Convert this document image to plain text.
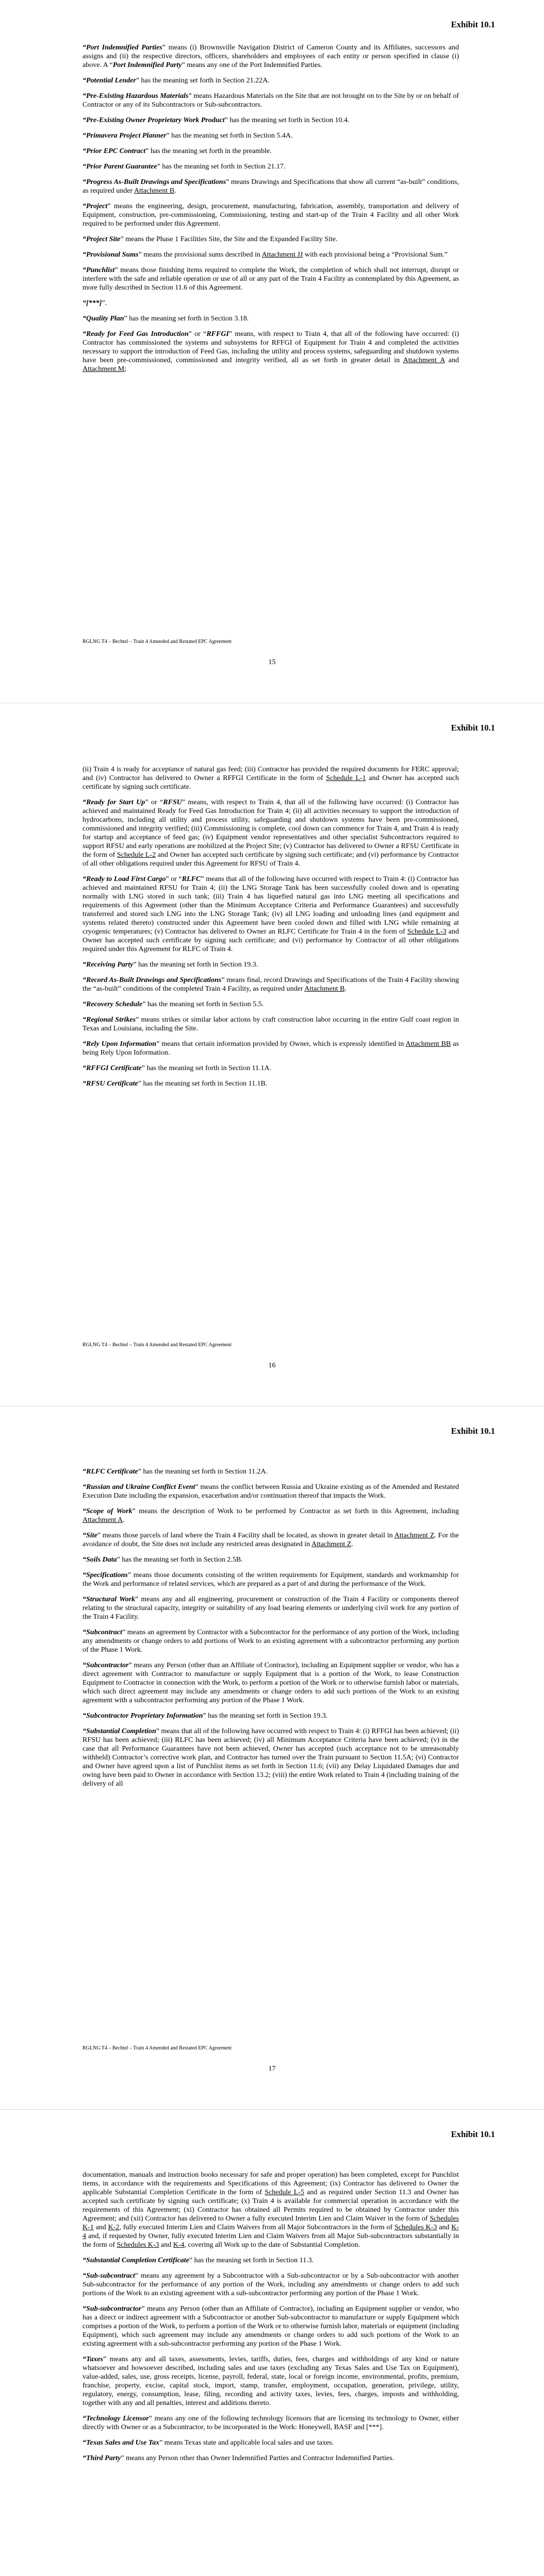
Exhibit 10.1

“Port Indemnified Parties” means (i) Brownsville Navigation District of Cameron County and its Affiliates, successors and assigns and (ii) the respective directors, officers, shareholders and employees of each entity or person specified in clause (i) above. A “Port Indemnified Party” means any one of the Port Indemnified Parties.

“Potential Lender” has the meaning set forth in Section 21.22A.

“Pre-Existing Hazardous Materials” means Hazardous Materials on the Site that are not brought on to the Site by or on behalf of Contractor or any of its Subcontractors or Sub-subcontractors.

“Pre-Existing Owner Proprietary Work Product” has the meaning set forth in Section 10.4.

“Primavera Project Planner” has the meaning set forth in Section 5.4A.

“Prior EPC Contract” has the meaning set forth in the preamble.

“Prior Parent Guarantee” has the meaning set forth in Section 21.17.

“Progress As-Built Drawings and Specifications” means Drawings and Specifications that show all current “as-built” conditions, as required under Attachment B.

“Project” means the engineering, design, procurement, manufacturing, fabrication, assembly, transportation and delivery of Equipment, construction, pre-commissioning, Commissioning, testing and start-up of the Train 4 Facility and all other Work required to be performed under this Agreement.

“Project Site” means the Phase 1 Facilities Site, the Site and the Expanded Facility Site.

“Provisional Sums” means the provisional sums described in Attachment JJ with each provisional being a “Provisional Sum.”

“Punchlist” means those finishing items required to complete the Work, the completion of which shall not interrupt, disrupt or interfere with the safe and reliable operation or use of all or any part of the Train 4 Facility as contemplated by this Agreement, as more fully described in Section 11.6 of this Agreement.

“[***]”.

“Quality Plan” has the meaning set forth in Section 3.18.

“Ready for Feed Gas Introduction” or “RFFGI” means, with respect to Train 4, that all of the following have occurred: (i) Contractor has commissioned the systems and subsystems for RFFGI of Equipment for Train 4 and completed the activities necessary to support the introduction of Feed Gas, including the utility and process systems, safeguarding and shutdown systems have been pre-commissioned, commissioned and integrity verified, all as set forth in greater detail in Attachment A and Attachment M;

RGLNG T4 – Bechtel – Train 4 Amended and Restated EPC Agreement
15
Exhibit 10.1

(ii) Train 4 is ready for acceptance of natural gas feed; (iii) Contractor has provided the required documents for FERC approval; and (iv) Contractor has delivered to Owner a RFFGI Certificate in the form of Schedule L-1 and Owner has accepted such certificate by signing such certificate.

“Ready for Start Up” or “RFSU” means, with respect to Train 4, that all of the following have occurred: (i) Contractor has achieved and maintained Ready for Feed Gas Introduction for Train 4; (ii) all activities necessary to support the introduction of hydrocarbons, including all utility and process utility, safeguarding and shutdown systems have been pre-commissioned, commissioned and integrity verified; (iii) Commissioning is complete, cool down can commence for Train 4, and Train 4 is ready for startup and acceptance of feed gas; (iv) Equipment vendor representatives and other specialist Subcontractors required to support RFSU and early operations are mobilized at the Project Site; (v) Contractor has delivered to Owner a RFSU Certificate in the form of Schedule L-2 and Owner has accepted such certificate by signing such certificate; and (vi) performance by Contractor of all other obligations required under this Agreement for RFSU of Train 4.

“Ready to Load First Cargo” or “RLFC” means that all of the following have occurred with respect to Train 4: (i) Contractor has achieved and maintained RFSU for Train 4; (ii) the LNG Storage Tank has been successfully cooled down and is operating normally with LNG stored in such tank; (iii) Train 4 has liquefied natural gas into LNG meeting all specifications and requirements of this Agreement (other than the Minimum Acceptance Criteria and Performance Guarantees) and successfully transferred and stored such LNG into the LNG Storage Tank; (iv) all LNG loading and unloading lines (and equipment and systems related thereto) constructed under this Agreement have been cooled down and filled with LNG while remaining at cryogenic temperatures; (v) Contractor has delivered to Owner an RLFC Certificate for Train 4 in the form of Schedule L-3 and Owner has accepted such certificate by signing such certificate; and (vi) performance by Contractor of all other obligations required under this Agreement for RLFC of Train 4.

“Receiving Party” has the meaning set forth in Section 19.3.

“Record As-Built Drawings and Specifications” means final, record Drawings and Specifications of the Train 4 Facility showing the “as-built” conditions of the completed Train 4 Facility, as required under Attachment B.

“Recovery Schedule” has the meaning set forth in Section 5.5.

“Regional Strikes” means strikes or similar labor actions by craft construction labor occurring in the entire Gulf coast region in Texas and Louisiana, including the Site.

“Rely Upon Information” means that certain information provided by Owner, which is expressly identified in Attachment BB as being Rely Upon Information.

“RFFGI Certificate” has the meaning set forth in Section 11.1A.

“RFSU Certificate” has the meaning set forth in Section 11.1B.

RGLNG T4 – Bechtel – Train 4 Amended and Restated EPC Agreement
16
Exhibit 10.1

“RLFC Certificate” has the meaning set forth in Section 11.2A.

“Russian and Ukraine Conflict Event” means the conflict between Russia and Ukraine existing as of the Amended and Restated Execution Date including the expansion, exacerbation and/or continuation thereof that impacts the Work.

“Scope of Work” means the description of Work to be performed by Contractor as set forth in this Agreement, including Attachment A.

“Site” means those parcels of land where the Train 4 Facility shall be located, as shown in greater detail in Attachment Z. For the avoidance of doubt, the Site does not include any restricted areas designated in Attachment Z.

“Soils Data” has the meaning set forth in Section 2.5B.

“Specifications” means those documents consisting of the written requirements for Equipment, standards and workmanship for the Work and performance of related services, which are prepared as a part of and during the performance of the Work.

“Structural Work” means any and all engineering, procurement or construction of the Train 4 Facility or components thereof relating to the structural capacity, integrity or suitability of any load bearing elements or underlying civil work for any portion of the Train 4 Facility.

“Subcontract” means an agreement by Contractor with a Subcontractor for the performance of any portion of the Work, including any amendments or change orders to add portions of Work to an existing agreement with a subcontractor performing any portion of the Phase 1 Work.

“Subcontractor” means any Person (other than an Affiliate of Contractor), including an Equipment supplier or vendor, who has a direct agreement with Contractor to manufacture or supply Equipment that is a portion of the Work, to lease Construction Equipment to Contractor in connection with the Work, to perform a portion of the Work or to otherwise furnish labor or materials, which such direct agreement may include any amendments or change orders to add such portions of the Work to an existing agreement with a subcontractor performing any portion of the Phase 1 Work.

“Subcontractor Proprietary Information” has the meaning set forth in Section 19.3.

“Substantial Completion” means that all of the following have occurred with respect to Train 4: (i) RFFGI has been achieved; (ii) RFSU has been achieved; (iii) RLFC has been achieved; (iv) all Minimum Acceptance Criteria have been achieved; (v) in the case that all Performance Guarantees have not been achieved, Owner has accepted (such acceptance not to be unreasonably withheld) Contractor’s corrective work plan, and Contractor has turned over the Train pursuant to Section 11.5A; (vi) Contractor and Owner have agreed upon a list of Punchlist items as set forth in Section 11.6; (vii) any Delay Liquidated Damages due and owing have been paid to Owner in accordance with Section 13.2; (viii) the entire Work related to Train 4 (including training of the delivery of all

RGLNG T4 – Bechtel – Train 4 Amended and Restated EPC Agreement
17
Exhibit 10.1

documentation, manuals and instruction books necessary for safe and proper operation) has been completed, except for Punchlist items, in accordance with the requirements and Specifications of this Agreement; (ix) Contractor has delivered to Owner the applicable Substantial Completion Certificate in the form of Schedule L-5 and as required under Section 11.3 and Owner has accepted such certificate by signing such certificate; (x) Train 4 is available for commercial operation in accordance with the requirements of this Agreement; (xi) Contractor has obtained all Permits required to be obtained by Contractor under this Agreement; and (xii) Contractor has delivered to Owner a fully executed Interim Lien and Claim Waiver in the form of Schedules K-1 and K-2, fully executed Interim Lien and Claim Waivers from all Major Subcontractors in the form of Schedules K-3 and K-4 and, if requested by Owner, fully executed Interim Lien and Claim Waivers from all Major Sub-subcontractors substantially in the form of Schedules K-3 and K-4, covering all Work up to the date of Substantial Completion.

“Substantial Completion Certificate” has the meaning set forth in Section 11.3.

“Sub-subcontract” means any agreement by a Subcontractor with a Sub-subcontractor or by a Sub-subcontractor with another Sub-subcontractor for the performance of any portion of the Work, including any amendments or change orders to add such portions of the Work to an existing agreement with a sub-subcontractor performing any portion of the Phase 1 Work.

“Sub-subcontractor” means any Person (other than an Affiliate of Contractor), including an Equipment supplier or vendor, who has a direct or indirect agreement with a Subcontractor or another Sub-subcontractor to manufacture or supply Equipment which comprises a portion of the Work, to perform a portion of the Work or to otherwise furnish labor, materials or equipment (including Equipment), which such agreement may include any amendments or change orders to add such portions of the Work to an existing agreement with a sub-subcontractor performing any portion of the Phase 1 Work.

“Taxes” means any and all taxes, assessments, levies, tariffs, duties, fees, charges and withholdings of any kind or nature whatsoever and howsoever described, including sales and use taxes (excluding any Texas Sales and Use Tax on Equipment), value-added, sales, use, gross receipts, license, payroll, federal, state, local or foreign income, environmental, profits, premium, franchise, property, excise, capital stock, import, stamp, transfer, employment, occupation, generation, privilege, utility, regulatory, energy, consumption, lease, filing, recording and activity taxes, levies, fees, charges, imposts and withholding, together with any and all penalties, interest and additions thereto.

“Technology Licensor” means any one of the following technology licensors that are licensing its technology to Owner, either directly with Owner or as a Subcontractor, to be incorporated in the Work: Honeywell, BASF and [***].

“Texas Sales and Use Tax” means Texas state and applicable local sales and use taxes.

“Third Party” means any Person other than Owner Indemnified Parties and Contractor Indemnified Parties.
